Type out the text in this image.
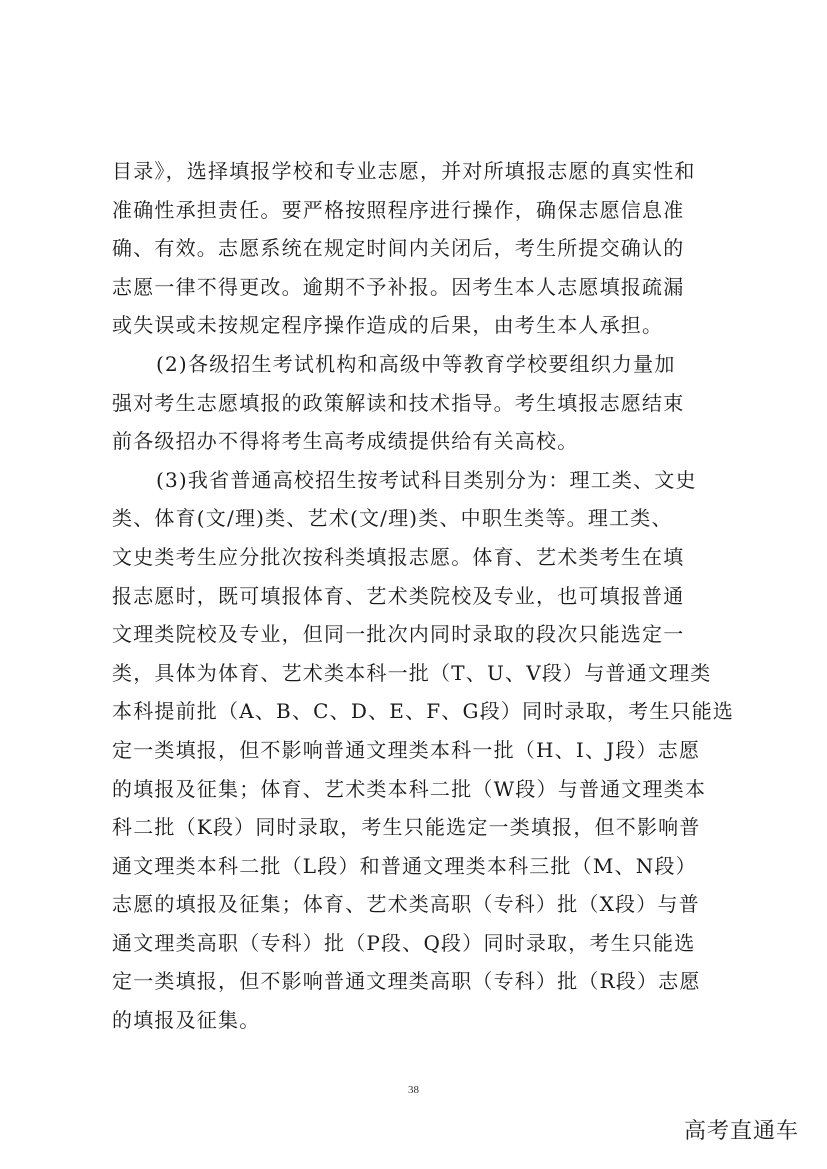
目录》，选择填报学校和专业志愿，并对所填报志愿的真实性和
准确性承担责任。要严格按照程序进行操作，确保志愿信息准
确、有效。志愿系统在规定时间内关闭后，考生所提交确认的
志愿一律不得更改。逾期不予补报。因考生本人志愿填报疏漏
或失误或未按规定程序操作造成的后果，由考生本人承担。
(2)各级招生考试机构和高级中等教育学校要组织力量加
强对考生志愿填报的政策解读和技术指导。考生填报志愿结束
前各级招办不得将考生高考成绩提供给有关高校。
(3)我省普通高校招生按考试科目类别分为：理工类、文史
类、体育(文/理)类、艺术(文/理)类、中职生类等。理工类、
文史类考生应分批次按科类填报志愿。体育、艺术类考生在填
报志愿时，既可填报体育、艺术类院校及专业，也可填报普通
文理类院校及专业，但同一批次内同时录取的段次只能选定一
类，具体为体育、艺术类本科一批（T、U、V段）与普通文理类
本科提前批（A、B、C、D、E、F、G段）同时录取，考生只能选
定一类填报，但不影响普通文理类本科一批（H、I、J段）志愿
的填报及征集；体育、艺术类本科二批（W段）与普通文理类本
科二批（K段）同时录取，考生只能选定一类填报，但不影响普
通文理类本科二批（L段）和普通文理类本科三批（M、N段）
志愿的填报及征集；体育、艺术类高职（专科）批（X段）与普
通文理类高职（专科）批（P段、Q段）同时录取，考生只能选
定一类填报，但不影响普通文理类高职（专科）批（R段）志愿
的填报及征集。
38
高考直通车
